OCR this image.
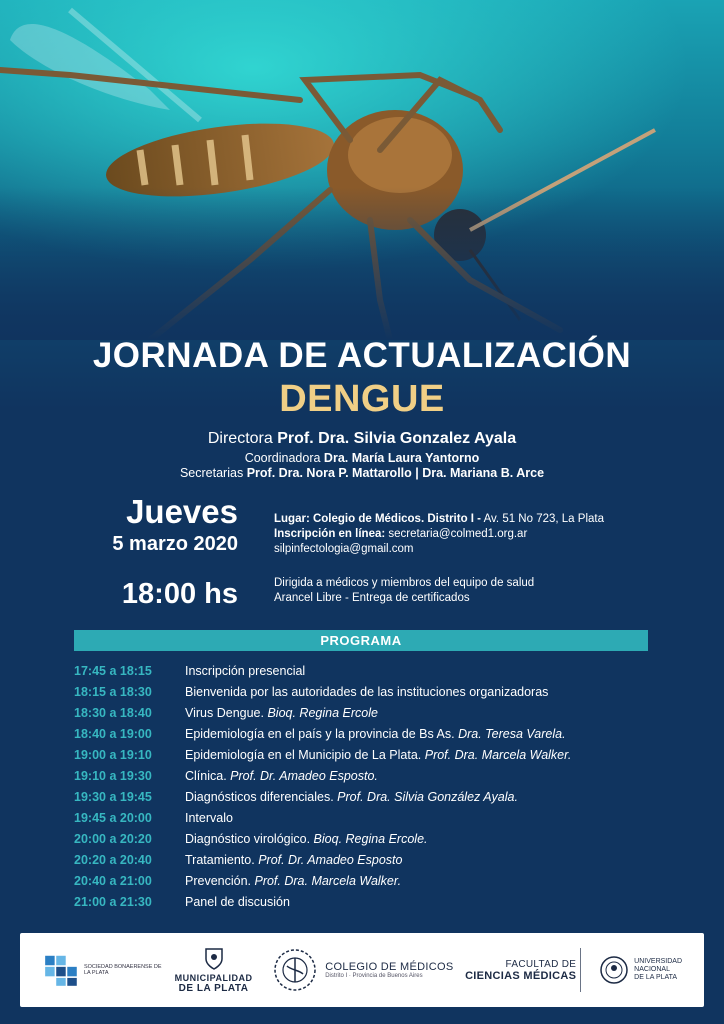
JORNADA DE ACTUALIZACIÓN
DENGUE
Directora Prof. Dra. Silvia Gonzalez Ayala
Coordinadora Dra. María Laura Yantorno
Secretarias Prof. Dra. Nora P. Mattarollo | Dra. Mariana B. Arce
Jueves
5 marzo 2020
18:00 hs
Lugar: Colegio de Médicos. Distrito I - Av. 51 No 723, La Plata
Inscripción en línea: secretaria@colmed1.org.ar
silpinfectologia@gmail.com
Dirigida a médicos y miembros del equipo de salud
Arancel Libre - Entrega de certificados
PROGRAMA
17:45 a 18:15	Inscripción presencial
18:15 a 18:30	Bienvenida por las autoridades de las instituciones organizadoras
18:30 a 18:40	Virus Dengue. Bioq. Regina Ercole
18:40 a 19:00	Epidemiología en el país y la provincia de Bs As. Dra. Teresa Varela.
19:00 a 19:10	Epidemiología en el Municipio de La Plata. Prof. Dra. Marcela Walker.
19:10 a 19:30	Clínica. Prof. Dr. Amadeo Esposto.
19:30 a 19:45	Diagnósticos diferenciales. Prof. Dra. Silvia González Ayala.
19:45 a 20:00	Intervalo
20:00 a 20:20	Diagnóstico virológico. Bioq. Regina Ercole.
20:20 a 20:40	Tratamiento. Prof. Dr. Amadeo Esposto
20:40 a 21:00	Prevención. Prof. Dra. Marcela Walker.
21:00 a 21:30	Panel de discusión
SOCIEDAD BONAERENSE DE LA PLATA	MUNICIPALIDAD
DE LA PLATA
COLEGIO DE MÉDICOS
Distrito I · Provincia de Buenos Aires
FACULTAD DE
CIENCIAS MÉDICAS
UNIVERSIDAD
NACIONAL
DE LA PLATA
